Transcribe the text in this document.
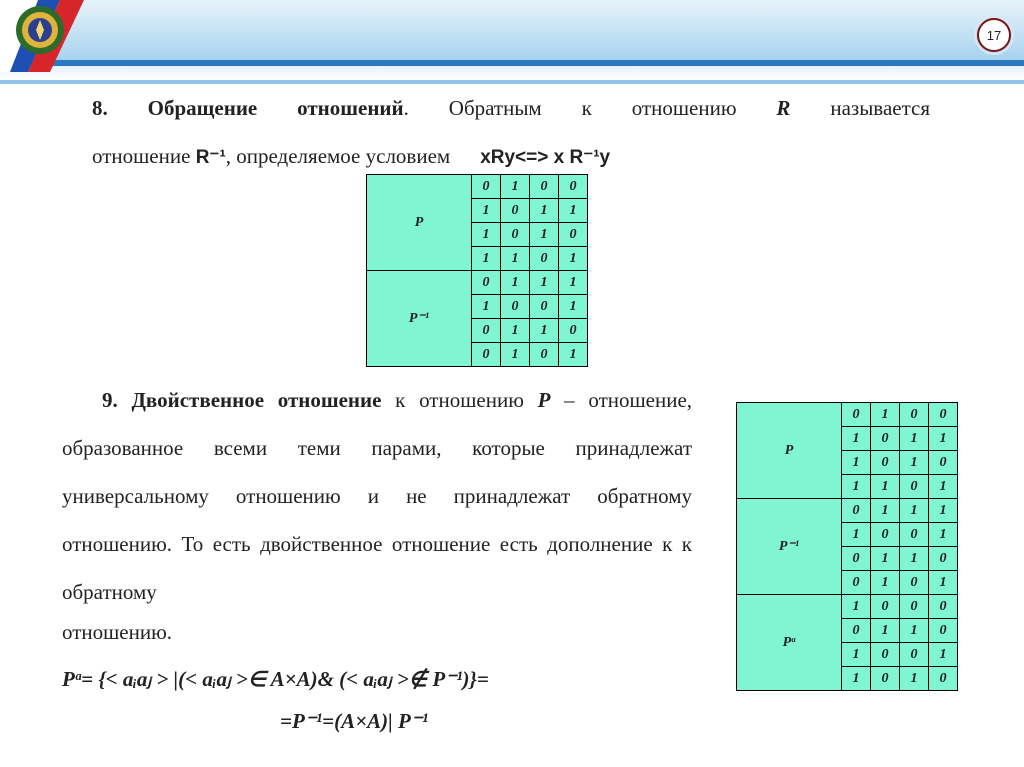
17

8. Обращение отношений. Обратным к отношению R называется

отношение R⁻¹, определяемое условием xRy<=> x R⁻¹y
P	0	1	0	0
	1	0	1	1
	1	0	1	0
	1	1	0	1
P⁻¹	0	1	1	1
	1	0	0	1
	0	1	1	0
	0	1	0	1

9. Двойственное отношение к отношению P – отношение, образованное всеми теми парами, которые принадлежат универсальному отношению и не принадлежат обратному отношению. То есть двойственное отношение есть дополнение к к обратному

отношению.
P	0	1	0	0
	1	0	1	1
	1	0	1	0
	1	1	0	1
P⁻¹	0	1	1	1
	1	0	0	1
	0	1	1	0
	0	1	0	1
Pᵅ	1	0	0	0
	0	1	1	0
	1	0	0	1
	1	0	1	0
Pᵅ= {< aᵢaⱼ > |(< aᵢaⱼ >∈ A×A)& (< aᵢaⱼ >∉ P⁻¹)}=
=P⁻¹=(A×A)| P⁻¹
